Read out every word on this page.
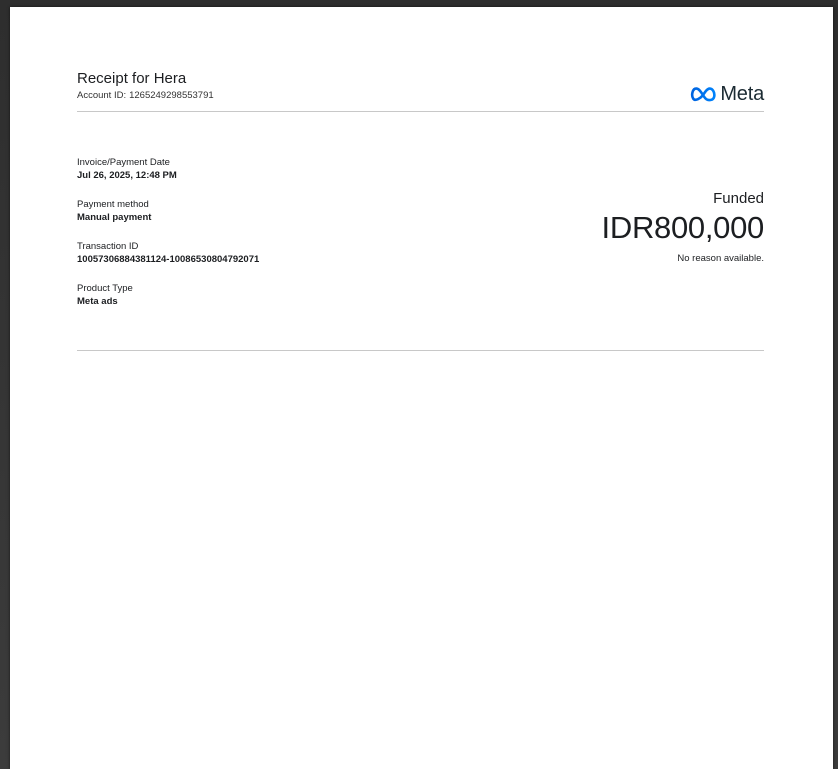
Receipt for Hera
Account ID: 1265249298553791	Meta
Invoice/Payment Date
Jul 26, 2025, 12:48 PM
Payment method
Manual payment
Transaction ID
10057306884381124-10086530804792071
Product Type
Meta ads
Funded
IDR800,000
No reason available.
